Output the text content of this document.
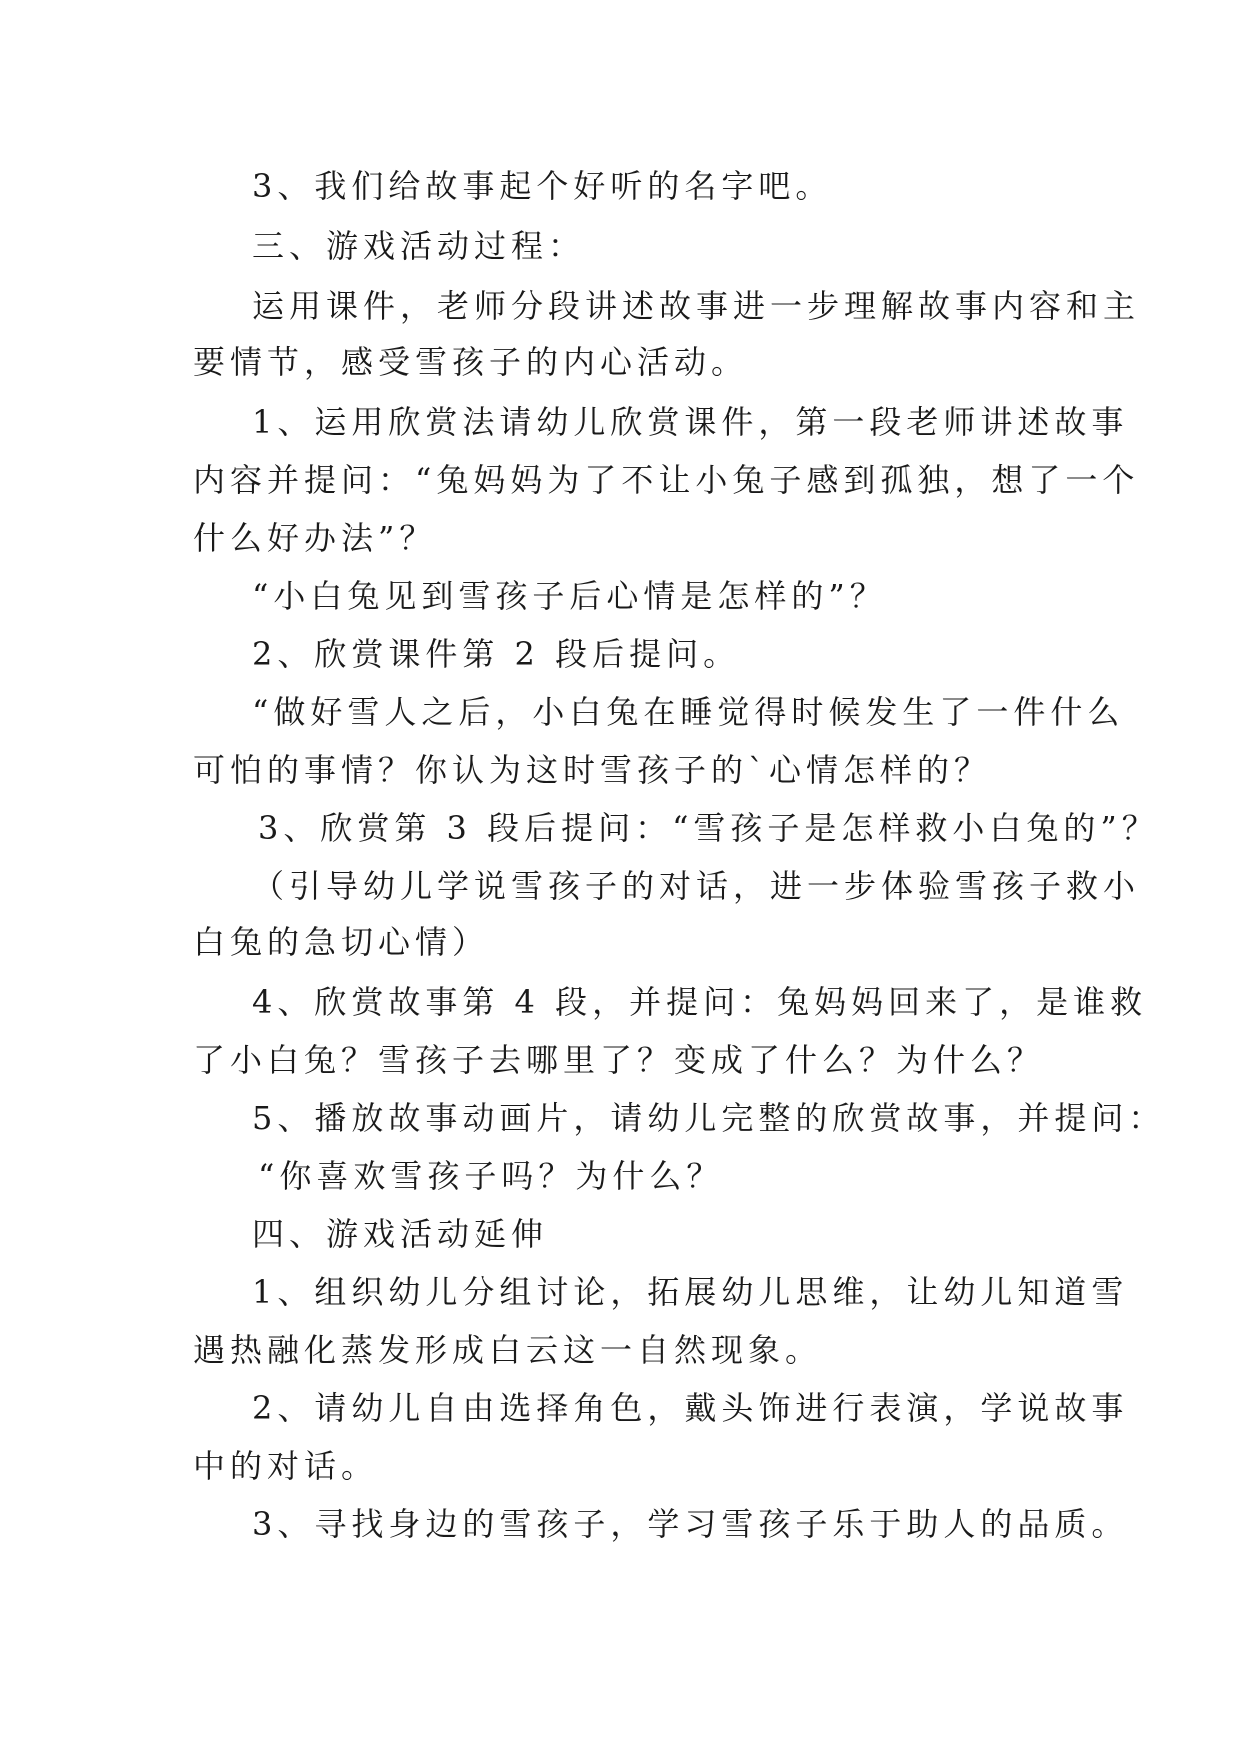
3、我们给故事起个好听的名字吧。
三、游戏活动过程：
运用课件，老师分段讲述故事进一步理解故事内容和主
要情节，感受雪孩子的内心活动。
1、运用欣赏法请幼儿欣赏课件，第一段老师讲述故事
内容并提问：“兔妈妈为了不让小兔子感到孤独，想了一个
什么好办法”？
“小白兔见到雪孩子后心情是怎样的”？
2、欣赏课件第 2 段后提问。
“做好雪人之后，小白兔在睡觉得时候发生了一件什么
可怕的事情？你认为这时雪孩子的`心情怎样的？
3、欣赏第 3 段后提问：“雪孩子是怎样救小白兔的”？
（引导幼儿学说雪孩子的对话，进一步体验雪孩子救小
白兔的急切心情）
4、欣赏故事第 4 段，并提问：兔妈妈回来了，是谁救
了小白兔？雪孩子去哪里了？变成了什么？为什么？
5、播放故事动画片，请幼儿完整的欣赏故事，并提问：
“你喜欢雪孩子吗？为什么？
四、游戏活动延伸
1、组织幼儿分组讨论，拓展幼儿思维，让幼儿知道雪
遇热融化蒸发形成白云这一自然现象。
2、请幼儿自由选择角色，戴头饰进行表演，学说故事
中的对话。
3、寻找身边的雪孩子，学习雪孩子乐于助人的品质。
